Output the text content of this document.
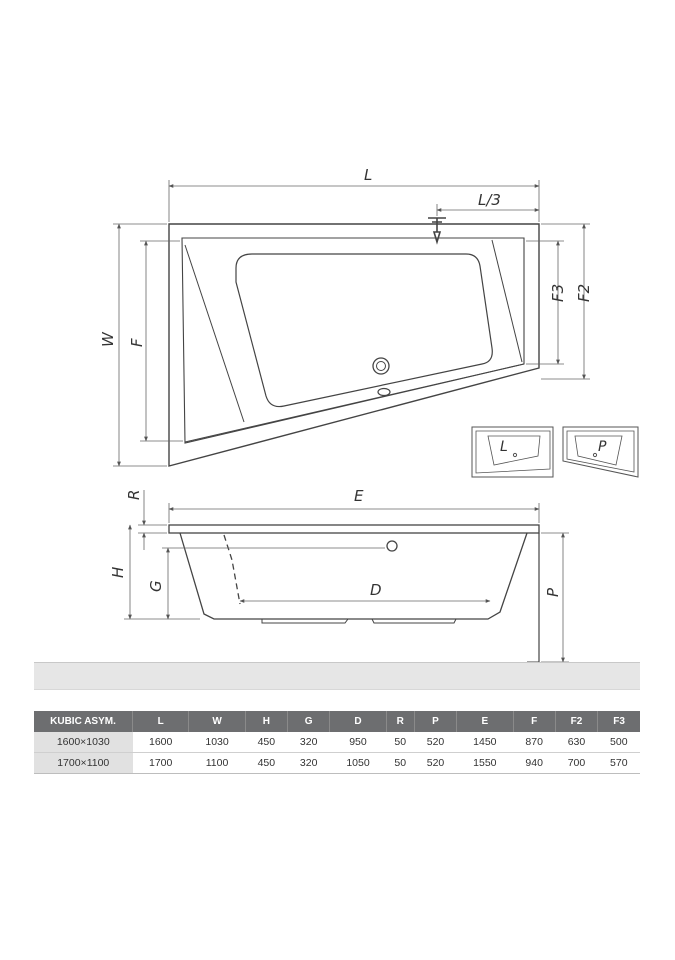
L
L/3
W F
F3 F2
L	P
R	E
H
G	D	P
KUBIC ASYM.	L	W	H	G	D	R	P	E	F	F2	F3
1600×1030	1600	1030	450	320	950	50	520	1450	870	630	500
1700×1100	1700	1100	450	320	1050	50	520	1550	940	700	570
